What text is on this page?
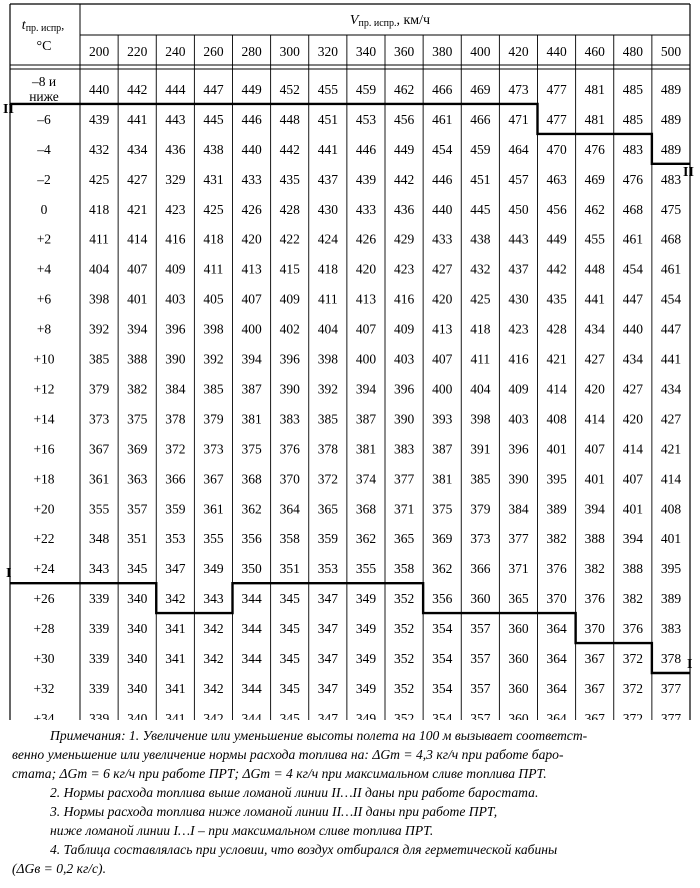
tпр. испр,
°C
Vпр. испр., км/ч
200 220 240 260 280 300 320 340 360 380 400 420 440 460 480 500
–8 и
ниже
–6
–4
–2
0
+2
+4
+6
+8
+10
+12
+14
+16
+18
+20
+22
+24
+26
+28
+30
+32
+34
440 442 444 447 449 452 455 459 462 466 469 473 477 481 485 489
439 441 443 445 446 448 451 453 456 461 466 471 477 481 485 489
432 434 436 438 440 442 441 446 449 454 459 464 470 476 483 489
425 427 329 431 433 435 437 439 442 446 451 457 463 469 476 483
418 421 423 425 426 428 430 433 436 440 445 450 456 462 468 475
411 414 416 418 420 422 424 426 429 433 438 443 449 455 461 468
404 407 409 411 413 415 418 420 423 427 432 437 442 448 454 461
398 401 403 405 407 409 411 413 416 420 425 430 435 441 447 454
392 394 396 398 400 402 404 407 409 413 418 423 428 434 440 447
385 388 390 392 394 396 398 400 403 407 411 416 421 427 434 441
379 382 384 385 387 390 392 394 396 400 404 409 414 420 427 434
373 375 378 379 381 383 385 387 390 393 398 403 408 414 420 427
367 369 372 373 375 376 378 381 383 387 391 396 401 407 414 421
361 363 366 367 368 370 372 374 377 381 385 390 395 401 407 414
355 357 359 361 362 364 365 368 371 375 379 384 389 394 401 408
348 351 353 355 356 358 359 362 365 369 373 377 382 388 394 401
343 345 347 349 350 351 353 355 358 362 366 371 376 382 388 395
339 340 342 343 344 345 347 349 352 356 360 365 370 376 382 389
339 340 341 342 344 345 347 349 352 354 357 360 364 370 376 383
339 340 341 342 344 345 347 349 352 354 357 360 364 367 372 378
339 340 341 342 344 345 347 349 352 354 357 360 364 367 372 377
339 340 341 342 344 345 347 349 352 354 357 360 364 367 372 377
II
II
I
I

Примечания: 1. Увеличение или уменьшение высоты полета на 100 м вызывает соответст-

венно уменьшение или увеличение нормы расхода топлива на: ΔGт = 4,3 кг/ч при работе баро-

стата; ΔGт = 6 кг/ч при работе ПРТ; ΔGт = 4 кг/ч при максимальном сливе топлива ПРТ.

2. Нормы расхода топлива выше ломаной линии II…II даны при работе баростата.

3. Нормы расхода топлива ниже ломаной линии II…II даны при работе ПРТ,

ниже ломаной линии I…I – при максимальном сливе топлива ПРТ.

4. Таблица составлялась при условии, что воздух отбирался для герметической кабины

(ΔGв = 0,2 кг/с).
